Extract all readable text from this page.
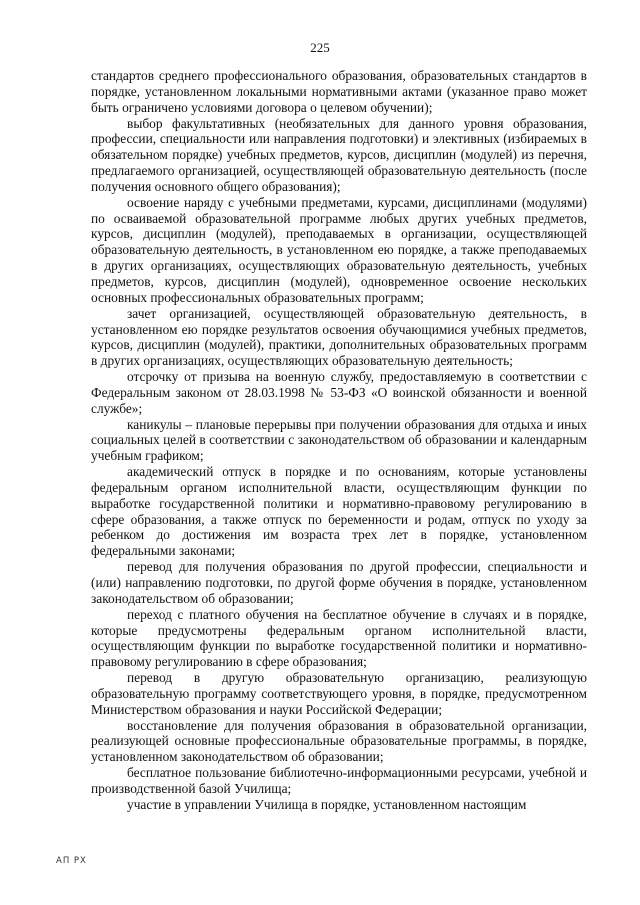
225

стандартов среднего профессионального образования, образовательных стандартов в порядке, установленном локальными нормативными актами (указанное право может быть ограничено условиями договора о целевом обучении);

выбор факультативных (необязательных для данного уровня образования, профессии, специальности или направления подготовки) и элективных (избираемых в обязательном порядке) учебных предметов, курсов, дисциплин (модулей) из перечня, предлагаемого организацией, осуществляющей образовательную деятельность (после получения основного общего образования);

освоение наряду с учебными предметами, курсами, дисциплинами (модулями) по осваиваемой образовательной программе любых других учебных предметов, курсов, дисциплин (модулей), преподаваемых в организации, осуществляющей образовательную деятельность, в установленном ею порядке, а также преподаваемых в других организациях, осуществляющих образовательную деятельность, учебных предметов, курсов, дисциплин (модулей), одновременное освоение нескольких основных профессиональных образовательных программ;

зачет организацией, осуществляющей образовательную деятельность, в установленном ею порядке результатов освоения обучающимися учебных предметов, курсов, дисциплин (модулей), практики, дополнительных образовательных программ в других организациях, осуществляющих образовательную деятельность;

отсрочку от призыва на военную службу, предоставляемую в соответствии с Федеральным законом от 28.03.1998 № 53-ФЗ «О воинской обязанности и военной службе»;

каникулы – плановые перерывы при получении образования для отдыха и иных социальных целей в соответствии с законодательством об образовании и календарным учебным графиком;

академический отпуск в порядке и по основаниям, которые установлены федеральным органом исполнительной власти, осуществляющим функции по выработке государственной политики и нормативно-правовому регулированию в сфере образования, а также отпуск по беременности и родам, отпуск по уходу за ребенком до достижения им возраста трех лет в порядке, установленном федеральными законами;

перевод для получения образования по другой профессии, специальности и (или) направлению подготовки, по другой форме обучения в порядке, установленном законодательством об образовании;

переход с платного обучения на бесплатное обучение в случаях и в порядке, которые предусмотрены федеральным органом исполнительной власти, осуществляющим функции по выработке государственной политики и нормативно-правовому регулированию в сфере образования;

перевод в другую образовательную организацию, реализующую образовательную программу соответствующего уровня, в порядке, предусмотренном Министерством образования и науки Российской Федерации;

восстановление для получения образования в образовательной организации, реализующей основные профессиональные образовательные программы, в порядке, установленном законодательством об образовании;

бесплатное пользование библиотечно-информационными ресурсами, учебной и производственной базой Училища;

участие в управлении Училища в порядке, установленном настоящим

АП РХ
